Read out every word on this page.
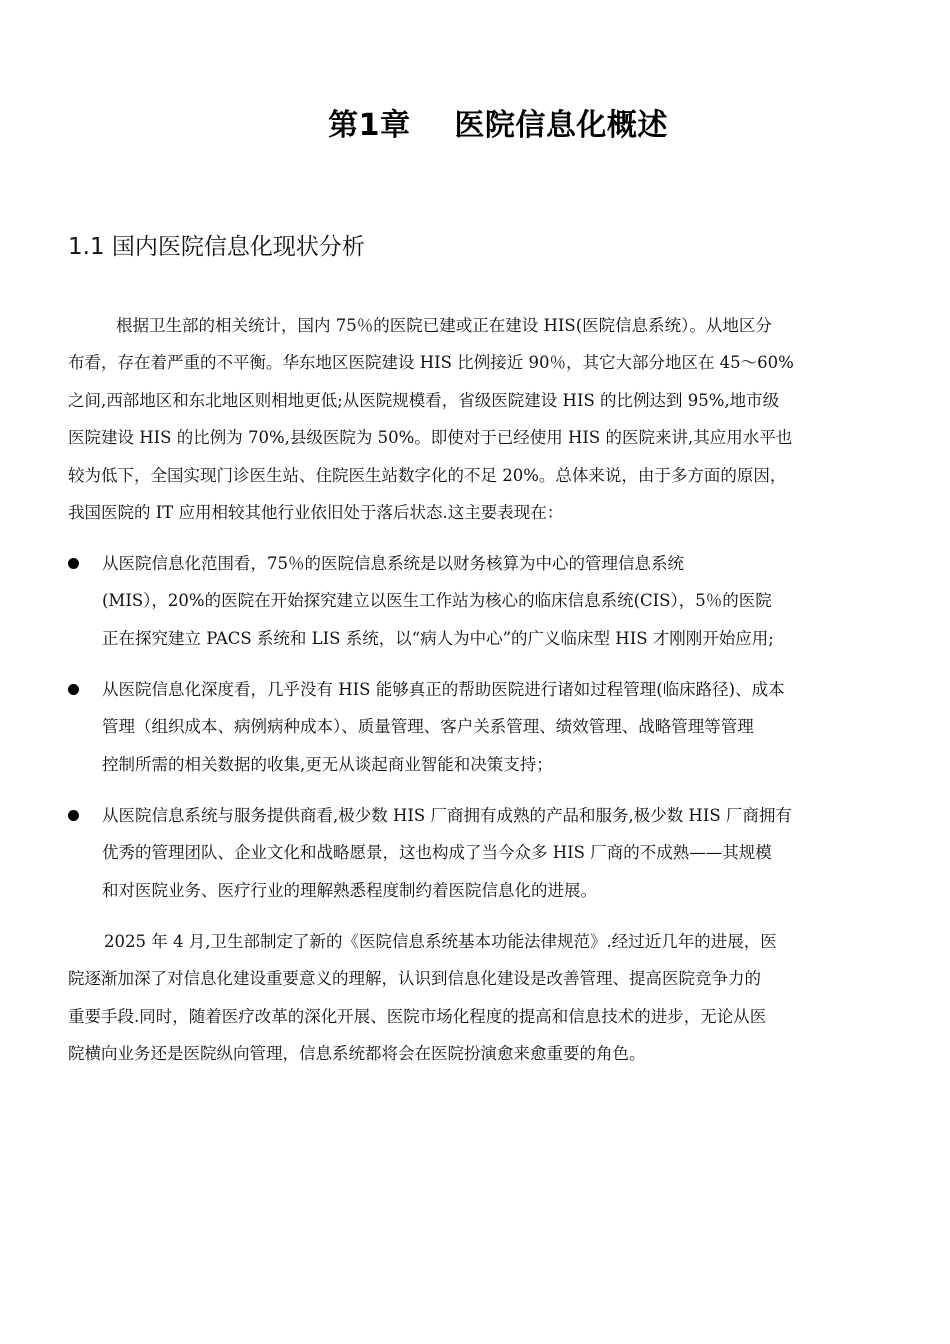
第1章    医院信息化概述
1.1 国内医院信息化现状分析
根据卫生部的相关统计，国内 75％的医院已建或正在建设 HIS(医院信息系统）。从地区分
布看，存在着严重的不平衡。华东地区医院建设 HIS 比例接近 90％，其它大部分地区在 45～60%
之间,西部地区和东北地区则相地更低;从医院规模看，省级医院建设 HIS 的比例达到 95%,地市级
医院建设 HIS 的比例为 70%,县级医院为 50%。即使对于已经使用 HIS 的医院来讲,其应用水平也
较为低下，全国实现门诊医生站、住院医生站数字化的不足 20%。总体来说，由于多方面的原因，
我国医院的 IT 应用相较其他行业依旧处于落后状态.这主要表现在：
从医院信息化范围看，75％的医院信息系统是以财务核算为中心的管理信息系统
(MIS），20%的医院在开始探究建立以医生工作站为核心的临床信息系统(CIS），5％的医院
正在探究建立 PACS 系统和 LIS 系统，以“病人为中心”的广义临床型 HIS 才刚刚开始应用;
从医院信息化深度看，几乎没有 HIS 能够真正的帮助医院进行诸如过程管理(临床路径)、成本
管理（组织成本、病例病种成本）、质量管理、客户关系管理、绩效管理、战略管理等管理
控制所需的相关数据的收集,更无从谈起商业智能和决策支持；
从医院信息系统与服务提供商看,极少数 HIS 厂商拥有成熟的产品和服务,极少数 HIS 厂商拥有
优秀的管理团队、企业文化和战略愿景，这也构成了当今众多 HIS 厂商的不成熟——其规模
和对医院业务、医疗行业的理解熟悉程度制约着医院信息化的进展。
2025 年 4 月,卫生部制定了新的《医院信息系统基本功能法律规范》.经过近几年的进展，医
院逐渐加深了对信息化建设重要意义的理解，认识到信息化建设是改善管理、提高医院竞争力的
重要手段.同时，随着医疗改革的深化开展、医院市场化程度的提高和信息技术的进步，无论从医
院横向业务还是医院纵向管理，信息系统都将会在医院扮演愈来愈重要的角色。
